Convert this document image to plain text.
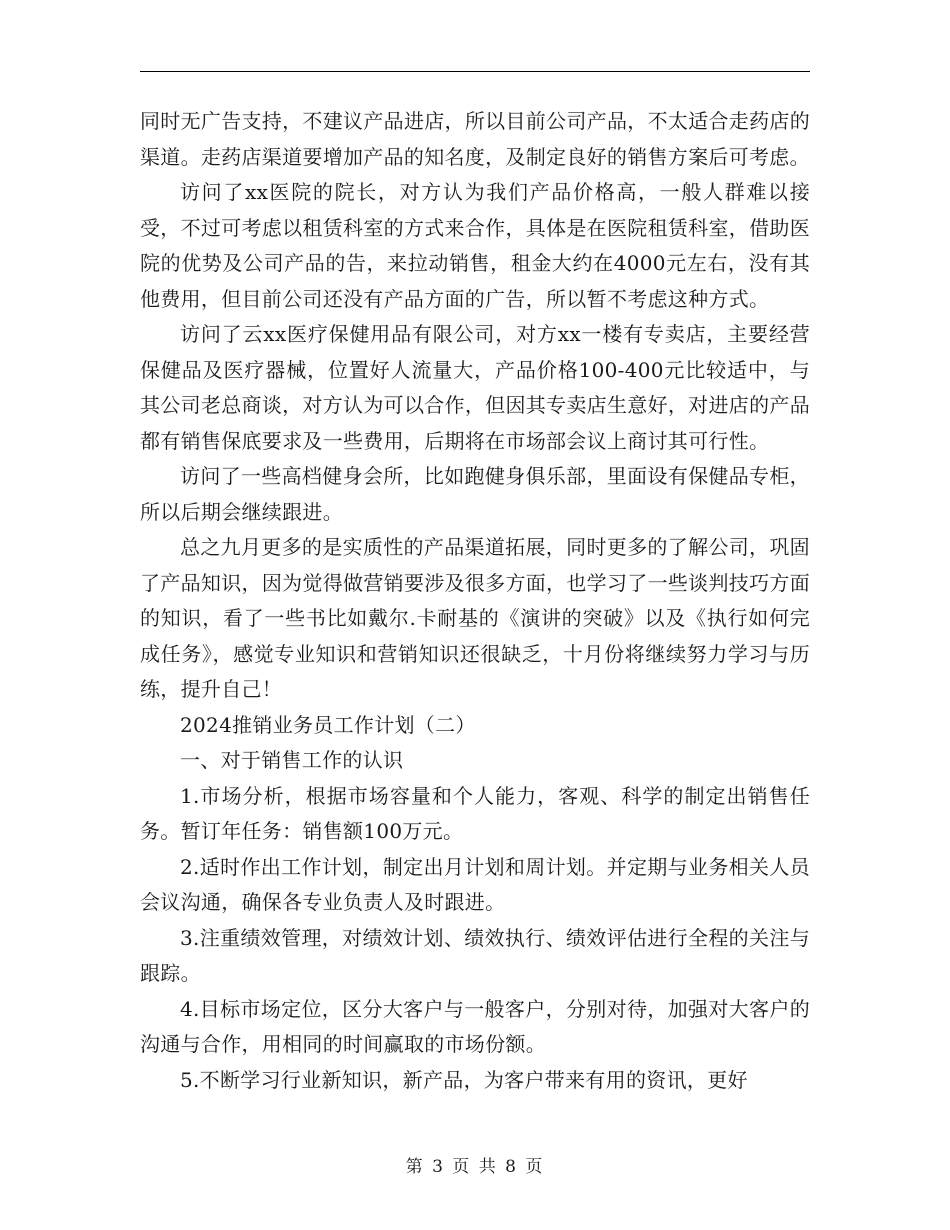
同时无广告支持，不建议产品进店，所以目前公司产品，不太适合走药店的渠道。走药店渠道要增加产品的知名度，及制定良好的销售方案后可考虑。

访问了xx医院的院长，对方认为我们产品价格高，一般人群难以接受，不过可考虑以租赁科室的方式来合作，具体是在医院租赁科室，借助医院的优势及公司产品的告，来拉动销售，租金大约在4000元左右，没有其他费用，但目前公司还没有产品方面的广告，所以暂不考虑这种方式。

访问了云xx医疗保健用品有限公司，对方xx一楼有专卖店，主要经营保健品及医疗器械，位置好人流量大，产品价格100-400元比较适中，与其公司老总商谈，对方认为可以合作，但因其专卖店生意好，对进店的产品都有销售保底要求及一些费用，后期将在市场部会议上商讨其可行性。

访问了一些高档健身会所，比如跑健身俱乐部，里面设有保健品专柜，所以后期会继续跟进。

总之九月更多的是实质性的产品渠道拓展，同时更多的了解公司，巩固了产品知识，因为觉得做营销要涉及很多方面，也学习了一些谈判技巧方面的知识，看了一些书比如戴尔.卡耐基的《演讲的突破》以及《执行如何完成任务》，感觉专业知识和营销知识还很缺乏，十月份将继续努力学习与历练，提升自己！

2024推销业务员工作计划（二）

一、对于销售工作的认识

1.市场分析，根据市场容量和个人能力，客观、科学的制定出销售任务。暂订年任务：销售额100万元。

2.适时作出工作计划，制定出月计划和周计划。并定期与业务相关人员会议沟通，确保各专业负责人及时跟进。

3.注重绩效管理，对绩效计划、绩效执行、绩效评估进行全程的关注与跟踪。

4.目标市场定位，区分大客户与一般客户，分别对待，加强对大客户的沟通与合作，用相同的时间赢取的市场份额。

5.不断学习行业新知识，新产品，为客户带来有用的资讯，更好

第 3 页 共 8 页
